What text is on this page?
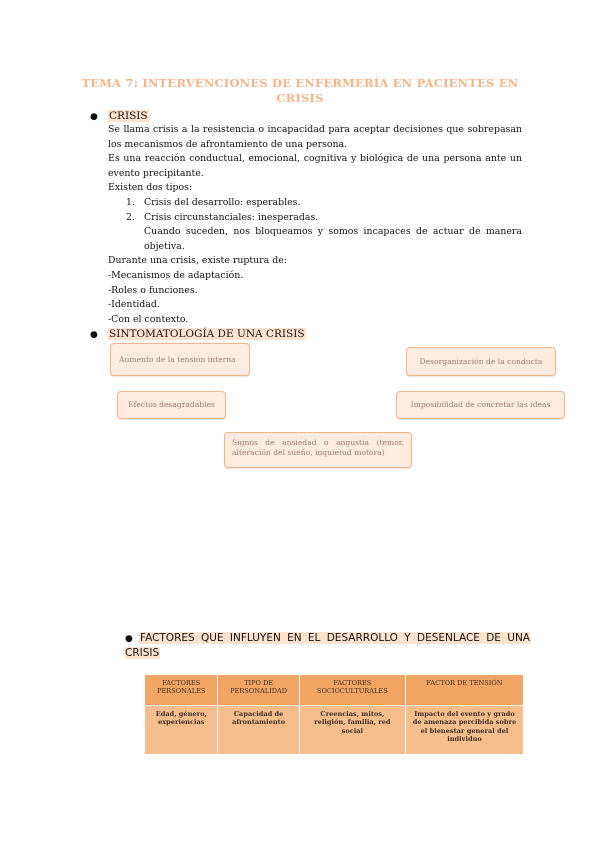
TEMA 7: INTERVENCIONES DE ENFERMERÍA EN PACIENTES EN CRISIS
● CRISIS

Se llama crisis a la resistencia o incapacidad para aceptar decisiones que sobrepasan los mecanismos de afrontamiento de una persona.

Es una reacción conductual, emocional, cognitiva y biológica de una persona ante un evento precipitante.

Existen dos tipos:

1. Crisis del desarrollo: esperables.

2. Crisis circunstanciales: inesperadas.

Cuando suceden, nos bloqueamos y somos incapaces de actuar de manera objetiva.

Durante una crisis, existe ruptura de:

-Mecanismos de adaptación.

-Roles o funciones.

-Identidad.

-Con el contexto.

● SINTOMATOLOGÍA DE UNA CRISIS
Aumento de la tensión interna	Desorganización de la conducta
Efectos desagradables	Imposibilidad de concretar las ideas
Signos de ansiedad o angustia (temor, alteración del sueño, inquietud motora)
● FACTORES QUE INFLUYEN EN EL DESARROLLO Y DESENLACE DE UNA CRISIS
FACTORES PERSONALES	TIPO DE PERSONALIDAD	FACTORES SOCIOCULTURALES	FACTOR DE TENSIÓN
Edad, género, experiencias	Capacidad de afrontamiento	Creencias, mitos, religión, familia, red social	Impacto del evento y grado de amenaza percibida sobre el bienestar general del individuo
